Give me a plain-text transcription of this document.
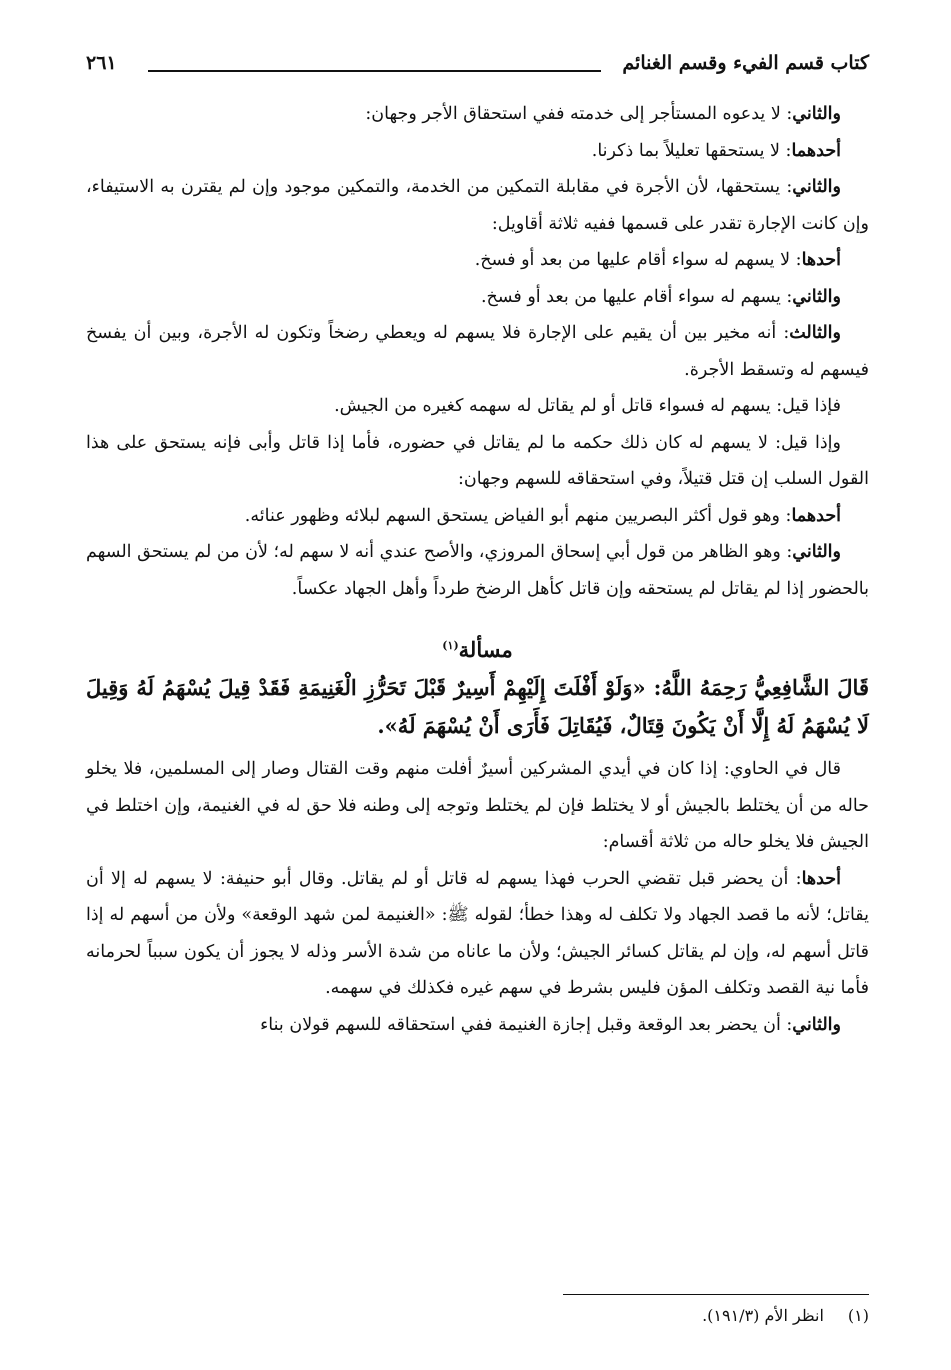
كتاب قسم الفيء وقسم الغنائم
٢٦١

والثاني: لا يدعوه المستأجر إلى خدمته ففي استحقاق الأجر وجهان:

أحدهما: لا يستحقها تعليلاً بما ذكرنا.

والثاني: يستحقها، لأن الأجرة في مقابلة التمكين من الخدمة، والتمكين موجود وإن لم يقترن به الاستيفاء، وإن كانت الإجارة تقدر على قسمها ففيه ثلاثة أقاويل:

أحدها: لا يسهم له سواء أقام عليها من بعد أو فسخ.

والثاني: يسهم له سواء أقام عليها من بعد أو فسخ.

والثالث: أنه مخير بين أن يقيم على الإجارة فلا يسهم له ويعطي رضخاً وتكون له الأجرة، وبين أن يفسخ فيسهم له وتسقط الأجرة.

فإذا قيل: يسهم له فسواء قاتل أو لم يقاتل له سهمه كغيره من الجيش.

وإذا قيل: لا يسهم له كان ذلك حكمه ما لم يقاتل في حضوره، فأما إذا قاتل وأبى فإنه يستحق على هذا القول السلب إن قتل قتيلاً، وفي استحقاقه للسهم وجهان:

أحدهما: وهو قول أكثر البصريين منهم أبو الفياض يستحق السهم لبلائه وظهور عنائه.

والثاني: وهو الظاهر من قول أبي إسحاق المروزي، والأصح عندي أنه لا سهم له؛ لأن من لم يستحق السهم بالحضور إذا لم يقاتل لم يستحقه وإن قاتل كأهل الرضخ طرداً وأهل الجهاد عكساً.

مسألة$^{(١)}$
قَالَ الشَّافِعِيُّ رَحِمَهُ اللَّهُ: «وَلَوْ أَفْلَتَ إِلَيْهِمْ أَسِيرٌ قَبْلَ تَحَرُّزِ الْغَنِيمَةِ فَقَدْ قِيلَ يُسْهَمُ لَهُ وَقِيلَ لَا يُسْهَمُ لَهُ إِلَّا أَنْ يَكُونَ قِتَالٌ، فَيُقَاتِلَ فَأَرَى أَنْ يُسْهَمَ لَهُ».

قال في الحاوي: إذا كان في أيدي المشركين أسيرٌ أفلت منهم وقت القتال وصار إلى المسلمين، فلا يخلو حاله من أن يختلط بالجيش أو لا يختلط فإن لم يختلط وتوجه إلى وطنه فلا حق له في الغنيمة، وإن اختلط في الجيش فلا يخلو حاله من ثلاثة أقسام:

أحدها: أن يحضر قبل تقضي الحرب فهذا يسهم له قاتل أو لم يقاتل. وقال أبو حنيفة: لا يسهم له إلا أن يقاتل؛ لأنه ما قصد الجهاد ولا تكلف له وهذا خطأ؛ لقوله ﷺ: «الغنيمة لمن شهد الوقعة» ولأن من أسهم له إذا قاتل أسهم له، وإن لم يقاتل كسائر الجيش؛ ولأن ما عاناه من شدة الأسر وذله لا يجوز أن يكون سبباً لحرمانه فأما نية القصد وتكلف المؤن فليس بشرط في سهم غيره فكذلك في سهمه.

والثاني: أن يحضر بعد الوقعة وقبل إجازة الغنيمة ففي استحقاقه للسهم قولان بناء

(١)انظر الأم (١٩١/٣).
